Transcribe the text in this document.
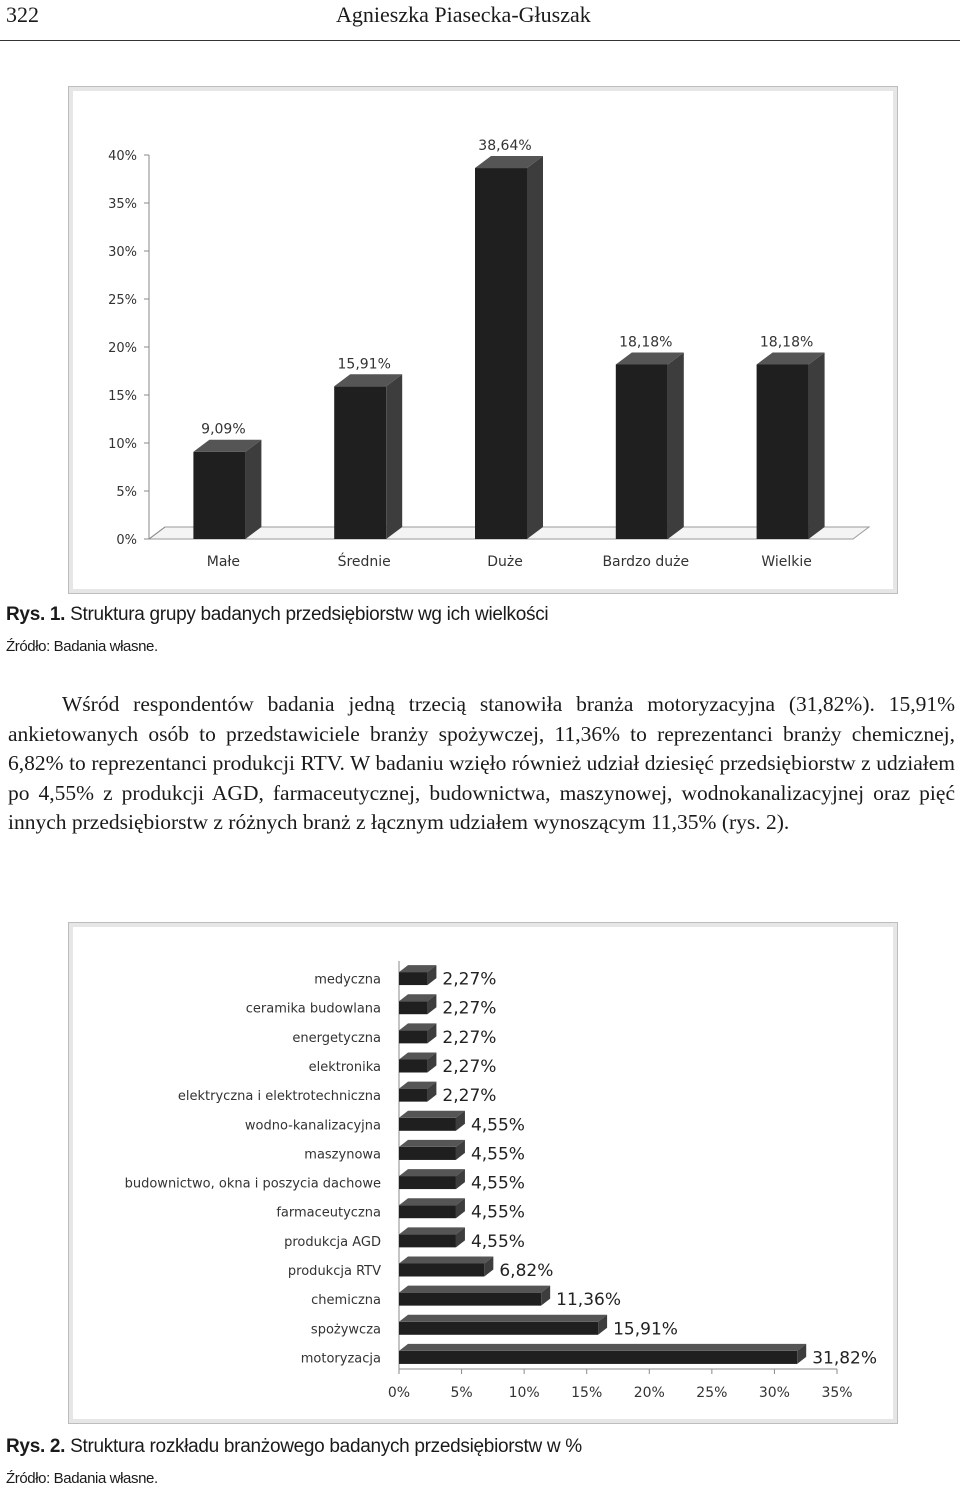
322	Agnieszka Piasecka-Głuszak
0%
5%
10%
15%
20%
25%
30%
35%
40%
9,09%
Małe
15,91%
Średnie
38,64%
Duże
18,18%
Bardzo duże
18,18%
Wielkie
Rys. 1. Struktura grupy badanych przedsiębiorstw wg ich wielkości
Źródło: Badania własne.

Wśród respondentów badania jedną trzecią stanowiła branża motoryzacyjna (31,82%). 15,91% ankietowanych osób to przedstawiciele branży spożywczej, 11,36% to reprezentanci branży chemicznej, 6,82% to reprezentanci produkcji RTV. W badaniu wzięło również udział dziesięć przedsiębiorstw z udziałem po 4,55% z produkcji AGD, farmaceutycznej, budownictwa, maszynowej, wodnokanalizacyjnej oraz pięć innych przedsiębiorstw z różnych branż z łącznym udziałem wynoszącym 11,35% (rys. 2).

0%	5%	10% 15% 20% 25% 30% 35%
2,27%
medyczna
2,27%
ceramika budowlana
2,27%
energetyczna
2,27%
elektronika
2,27%
elektryczna i elektrotechniczna
4,55%
wodno-kanalizacyjna
4,55%
maszynowa
4,55%
budownictwo, okna i poszycia dachowe
4,55%
farmaceutyczna
4,55%
produkcja AGD
6,82%
produkcja RTV
11,36%
chemiczna
15,91%
spożywcza
31,82%
motoryzacja
Rys. 2. Struktura rozkładu branżowego badanych przedsiębiorstw w %
Źródło: Badania własne.
